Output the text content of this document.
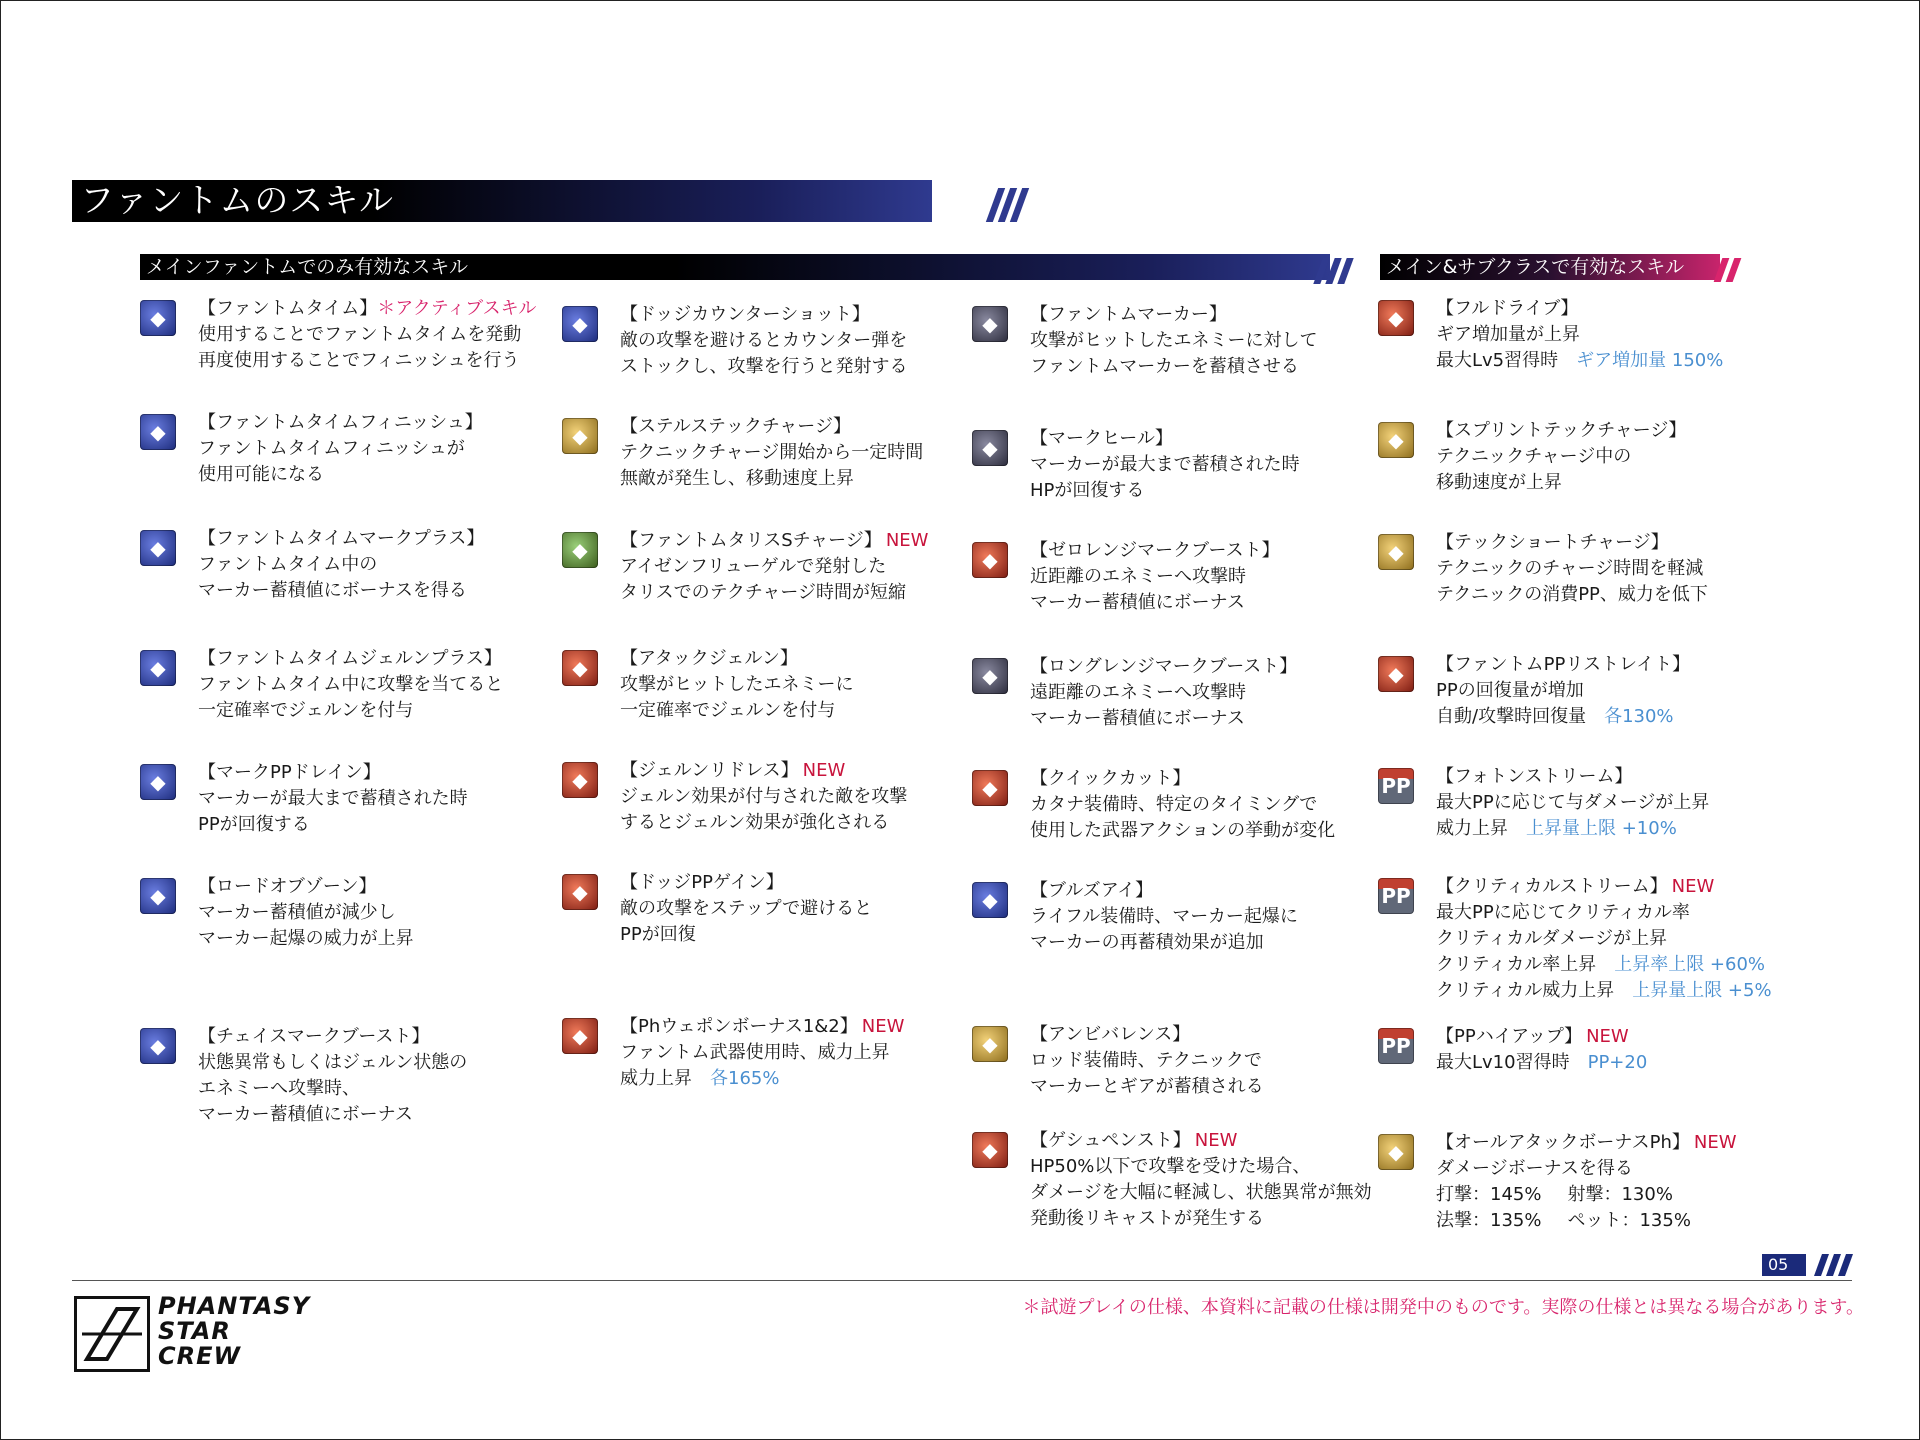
ファントムのスキル
メインファントムでのみ有効なスキル	メイン&サブクラスで有効なスキル
◆	【ファントムタイム】＊アクティブスキル
使用することでファントムタイムを発動
再度使用することでフィニッシュを行う
◆	【ファントムタイムフィニッシュ】
ファントムタイムフィニッシュが
使用可能になる
◆	【ファントムタイムマークプラス】
ファントムタイム中の
マーカー蓄積値にボーナスを得る
◆	【ファントムタイムジェルンプラス】
ファントムタイム中に攻撃を当てると
一定確率でジェルンを付与
◆	【マークPPドレイン】
マーカーが最大まで蓄積された時
PPが回復する
◆	【ロードオブゾーン】
マーカー蓄積値が減少し
マーカー起爆の威力が上昇
◆	【チェイスマークブースト】
状態異常もしくはジェルン状態の
エネミーへ攻撃時、
マーカー蓄積値にボーナス
◆	【ドッジカウンターショット】
敵の攻撃を避けるとカウンター弾を
ストックし、攻撃を行うと発射する
◆	【ステルステックチャージ】
テクニックチャージ開始から一定時間
無敵が発生し、移動速度上昇
◆	【ファントムタリスSチャージ】 NEW
アイゼンフリューゲルで発射した
タリスでのテクチャージ時間が短縮
◆	【アタックジェルン】
攻撃がヒットしたエネミーに
一定確率でジェルンを付与
◆	【ジェルンリドレス】 NEW
ジェルン効果が付与された敵を攻撃
するとジェルン効果が強化される
◆	【ドッジPPゲイン】
敵の攻撃をステップで避けると
PPが回復
◆	【Phウェポンボーナス1&2】 NEW
ファントム武器使用時、威力上昇
威力上昇 各165%
◆	【ファントムマーカー】
攻撃がヒットしたエネミーに対して
ファントムマーカーを蓄積させる
◆	【マークヒール】
マーカーが最大まで蓄積された時
HPが回復する
◆	【ゼロレンジマークブースト】
近距離のエネミーへ攻撃時
マーカー蓄積値にボーナス
◆	【ロングレンジマークブースト】
遠距離のエネミーへ攻撃時
マーカー蓄積値にボーナス
◆	【クイックカット】
カタナ装備時、特定のタイミングで
使用した武器アクションの挙動が変化
◆	【ブルズアイ】
ライフル装備時、マーカー起爆に
マーカーの再蓄積効果が追加
◆	【アンビバレンス】
ロッド装備時、テクニックで
マーカーとギアが蓄積される
◆	【ゲシュペンスト】 NEW
HP50%以下で攻撃を受けた場合、
ダメージを大幅に軽減し、状態異常が無効
発動後リキャストが発生する
◆	【フルドライブ】
ギア増加量が上昇
最大Lv5習得時 ギア増加量 150%
◆	【スプリントテックチャージ】
テクニックチャージ中の
移動速度が上昇
◆	【テックショートチャージ】
テクニックのチャージ時間を軽減
テクニックの消費PP、威力を低下
◆	【ファントムPPリストレイト】
PPの回復量が増加
自動/攻撃時回復量 各130%
PP 【フォトンストリーム】
最大PPに応じて与ダメージが上昇
威力上昇 上昇量上限 +10%
PP 【クリティカルストリーム】 NEW
最大PPに応じてクリティカル率
クリティカルダメージが上昇
クリティカル率上昇 上昇率上限 +60%
クリティカル威力上昇 上昇量上限 +5%
PP 【PPハイアップ】 NEW
最大Lv10習得時 PP+20
◆	【オールアタックボーナスPh】 NEW
ダメージボーナスを得る
打撃：145% 射撃：130%
法撃：135% ペット：135%
05
PHANTASY
STAR
CREW
＊試遊プレイの仕様、本資料に記載の仕様は開発中のものです。実際の仕様とは異なる場合があります。
